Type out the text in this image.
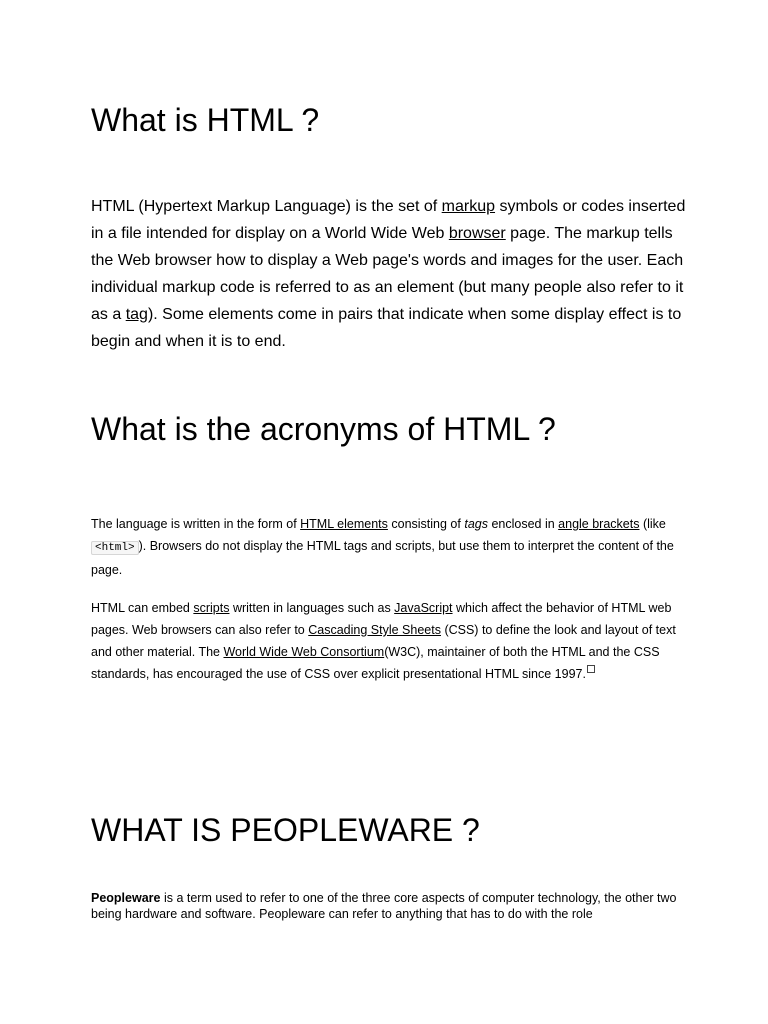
What is HTML ?

HTML (Hypertext Markup Language) is the set of markup symbols or codes inserted in a file intended for display on a World Wide Web browser page. The markup tells the Web browser how to display a Web page's words and images for the user. Each individual markup code is referred to as an element (but many people also refer to it as a tag). Some elements come in pairs that indicate when some display effect is to begin and when it is to end.

What is the acronyms of HTML ?

The language is written in the form of HTML elements consisting of tags enclosed in angle brackets (like <html> ). Browsers do not display the HTML tags and scripts, but use them to interpret the content of the page.

HTML can embed scripts written in languages such as JavaScript which affect the behavior of HTML web pages. Web browsers can also refer to Cascading Style Sheets (CSS) to define the look and layout of text and other material. The World Wide Web Consortium(W3C), maintainer of both the HTML and the CSS standards, has encouraged the use of CSS over explicit presentational HTML since 1997.

WHAT IS PEOPLEWARE ?

Peopleware is a term used to refer to one of the three core aspects of computer technology, the other two being hardware and software. Peopleware can refer to anything that has to do with the role
